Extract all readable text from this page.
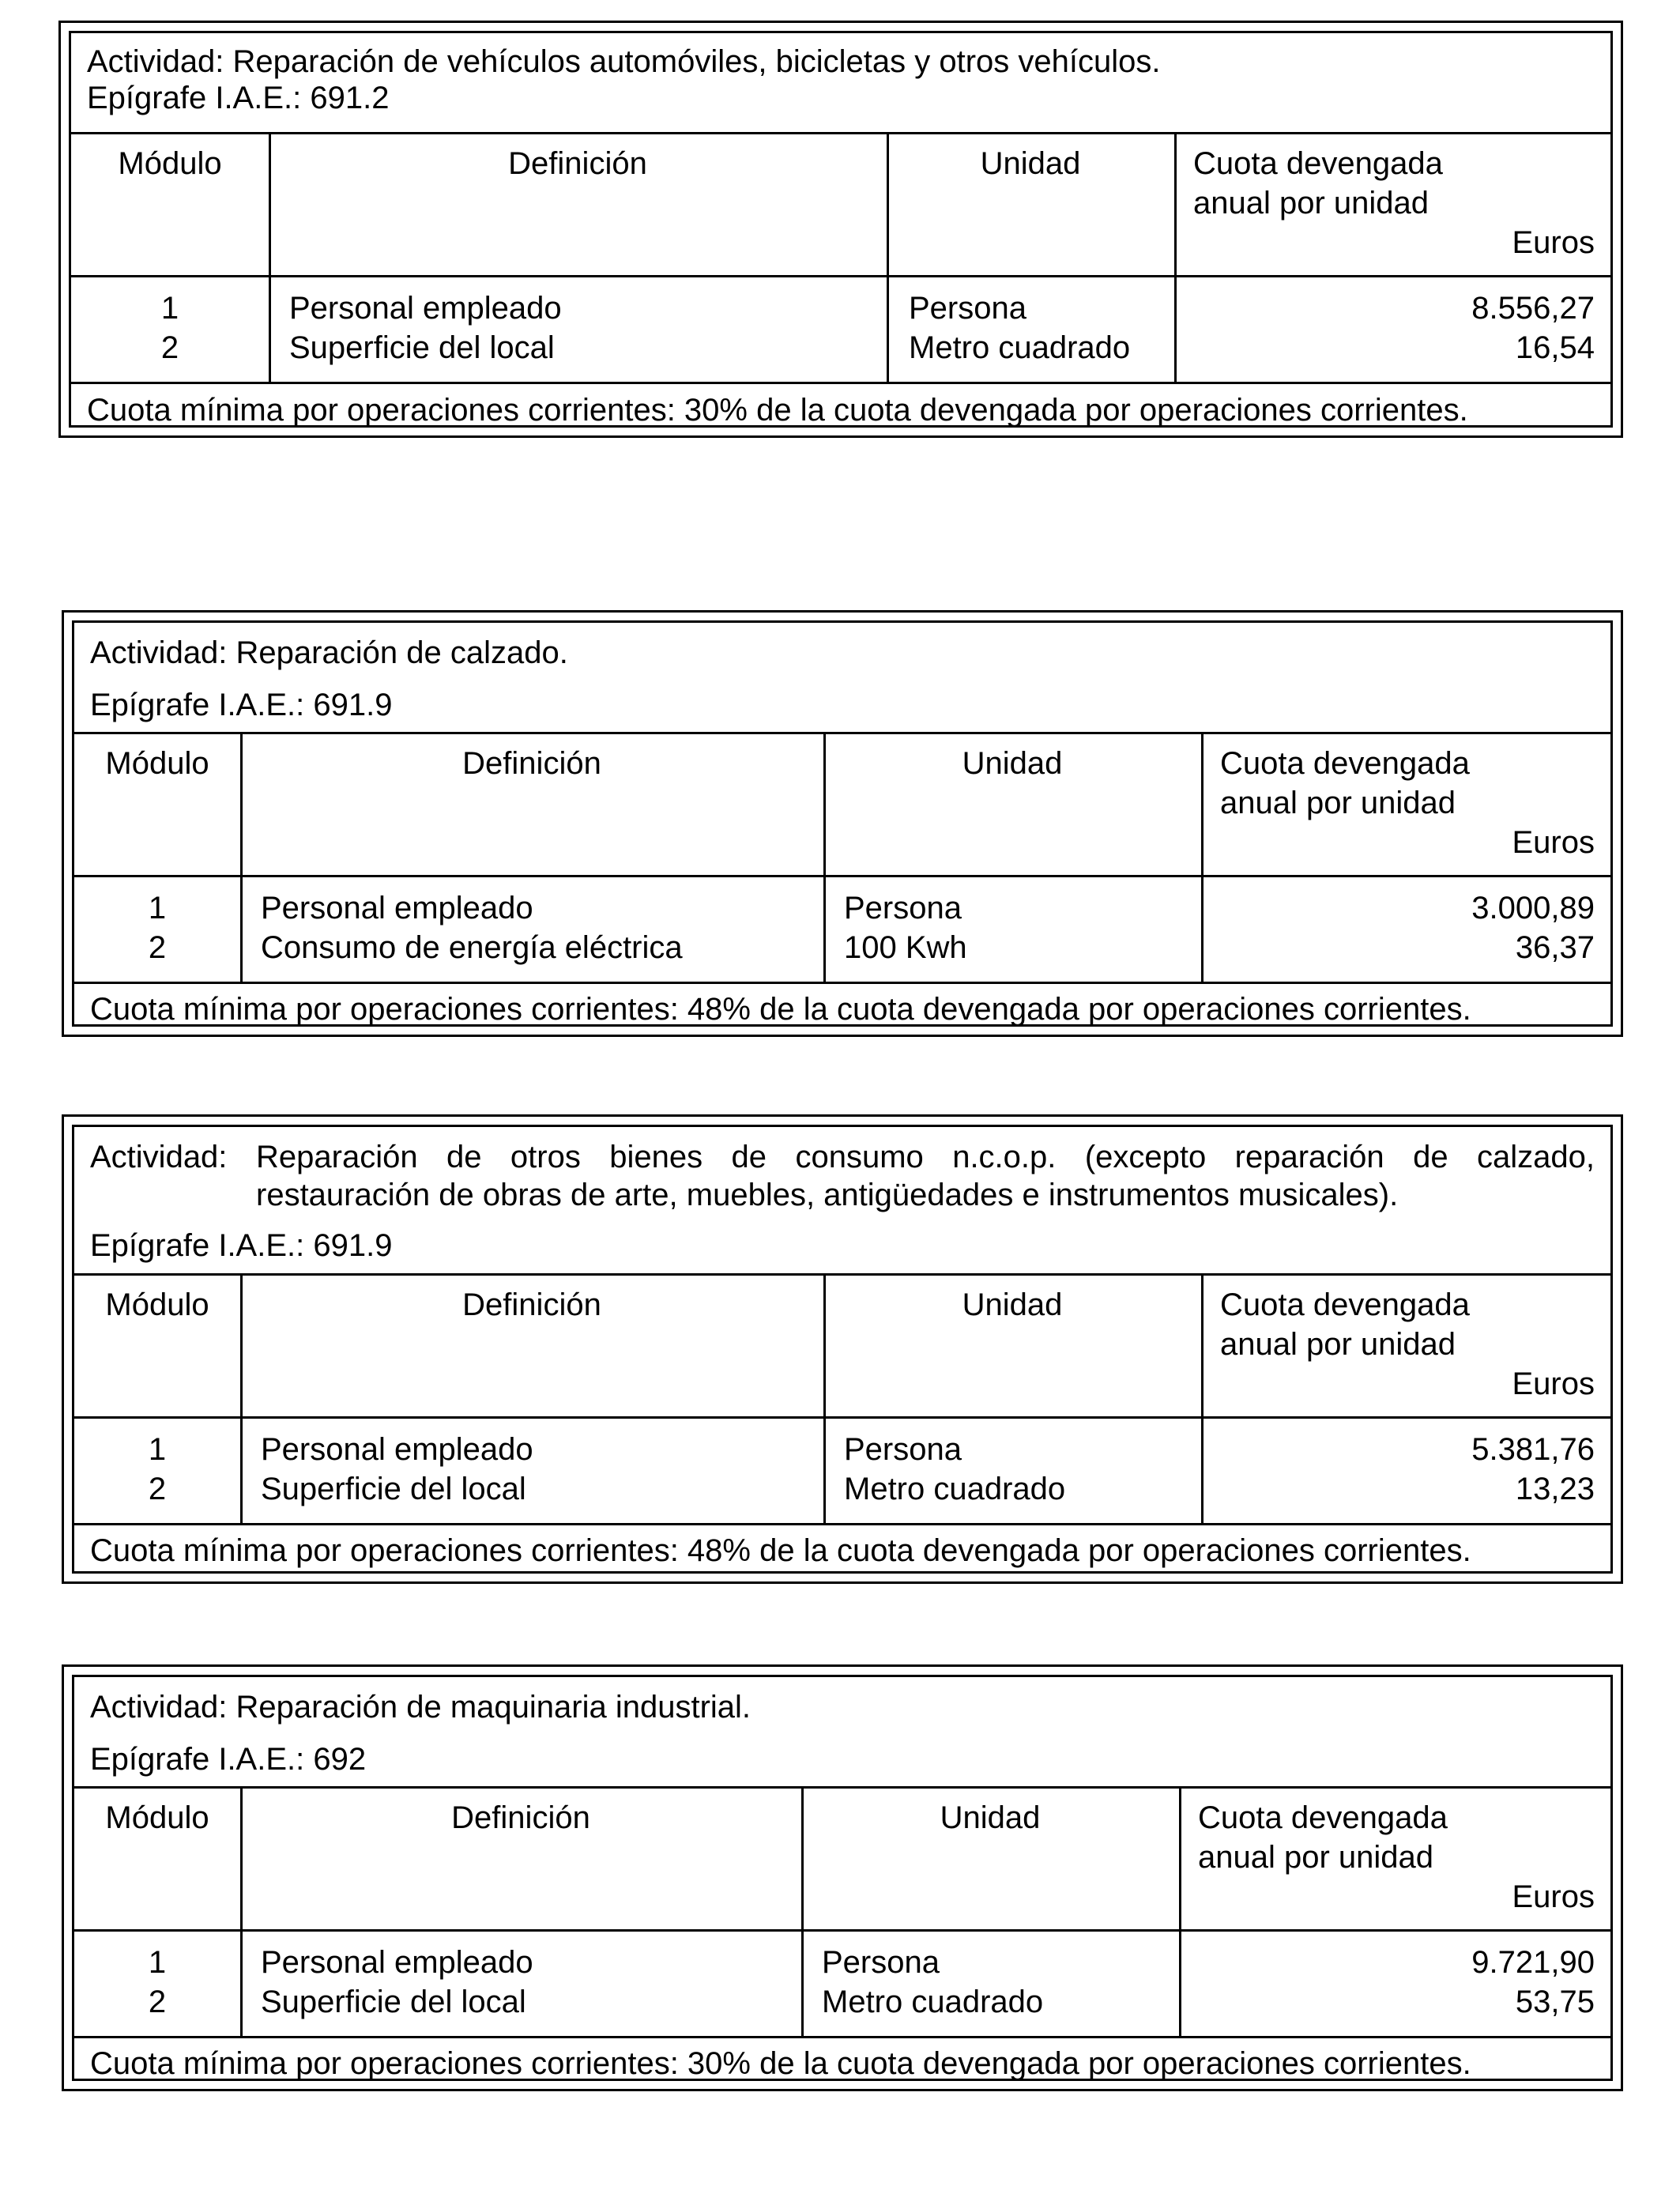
Actividad: Reparación de vehículos automóviles, bicicletas y otros vehículos.
Epígrafe I.A.E.: 691.2
Módulo	Definición	Unidad	Cuota devengada
anual por unidad
Euros
1	Personal empleado	Persona	8.556,27
2	Superficie del local	Metro cuadrado	16,54
Cuota mínima por operaciones corrientes: 30% de la cuota devengada por operaciones corrientes.
Actividad: Reparación de calzado.
Epígrafe I.A.E.: 691.9
Módulo	Definición	Unidad	Cuota devengada
anual por unidad
Euros
1	Personal empleado	Persona	3.000,89
2	Consumo de energía eléctrica	100 Kwh	36,37
Cuota mínima por operaciones corrientes: 48% de la cuota devengada por operaciones corrientes.
Actividad: Reparación de otros bienes de consumo n.c.o.p. (excepto reparación de calzado,
restauración de obras de arte, muebles, antigüedades e instrumentos musicales).
Epígrafe I.A.E.: 691.9
Módulo	Definición	Unidad	Cuota devengada
anual por unidad
Euros
1	Personal empleado	Persona	5.381,76
2	Superficie del local	Metro cuadrado	13,23
Cuota mínima por operaciones corrientes: 48% de la cuota devengada por operaciones corrientes.
Actividad: Reparación de maquinaria industrial.
Epígrafe I.A.E.: 692
Módulo	Definición	Unidad	Cuota devengada
anual por unidad
Euros
1	Personal empleado	Persona	9.721,90
2	Superficie del local	Metro cuadrado	53,75
Cuota mínima por operaciones corrientes: 30% de la cuota devengada por operaciones corrientes.
